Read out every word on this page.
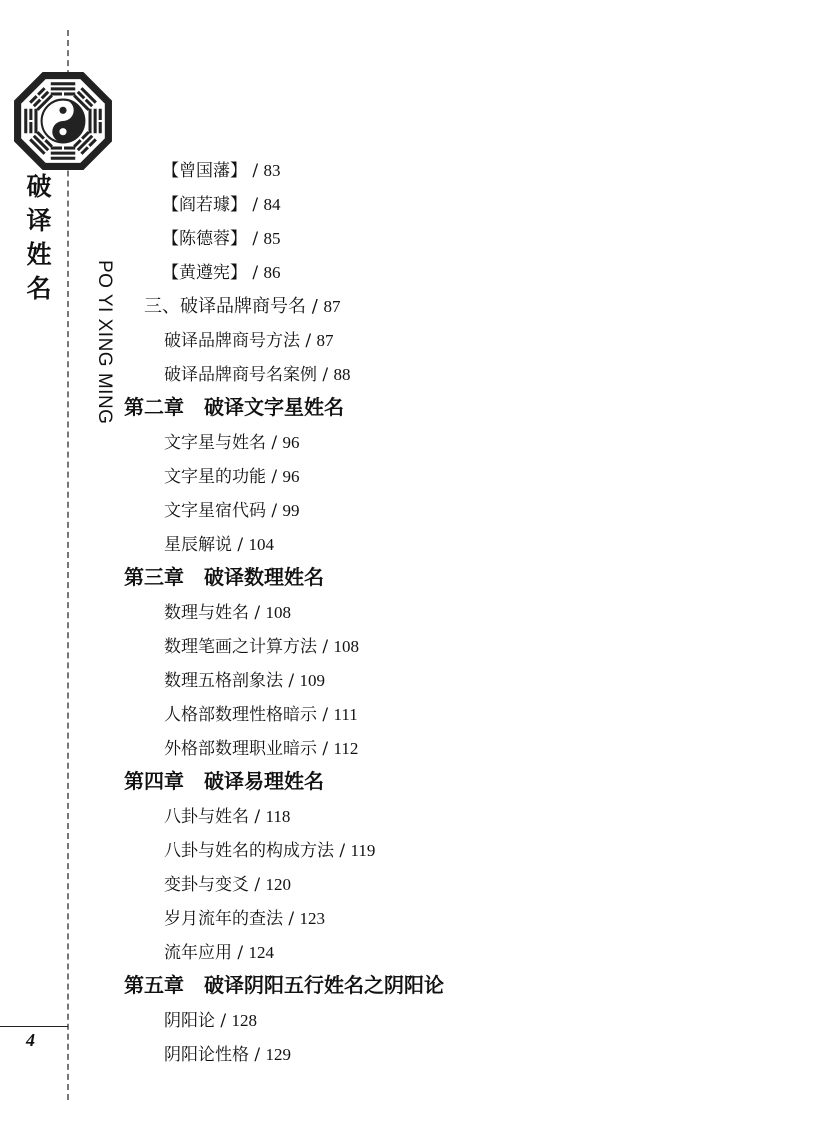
破
译
姓
名 PO YI XING MING
4
【曾国藩】 / 83
【阎若璩】 / 84
【陈德蓉】 / 85
【黄遵宪】 / 86
三、破译品牌商号名 / 87
破译品牌商号方法 / 87
破译品牌商号名案例 / 88
第二章　破译文字星姓名
文字星与姓名 / 96
文字星的功能 / 96
文字星宿代码 / 99
星辰解说 / 104
第三章　破译数理姓名
数理与姓名 / 108
数理笔画之计算方法 / 108
数理五格剖象法 / 109
人格部数理性格暗示 / 111
外格部数理职业暗示 / 112
第四章　破译易理姓名
八卦与姓名 / 118
八卦与姓名的构成方法 / 119
变卦与变爻 / 120
岁月流年的查法 / 123
流年应用 / 124
第五章　破译阴阳五行姓名之阴阳论
阴阳论 / 128
阴阳论性格 / 129
